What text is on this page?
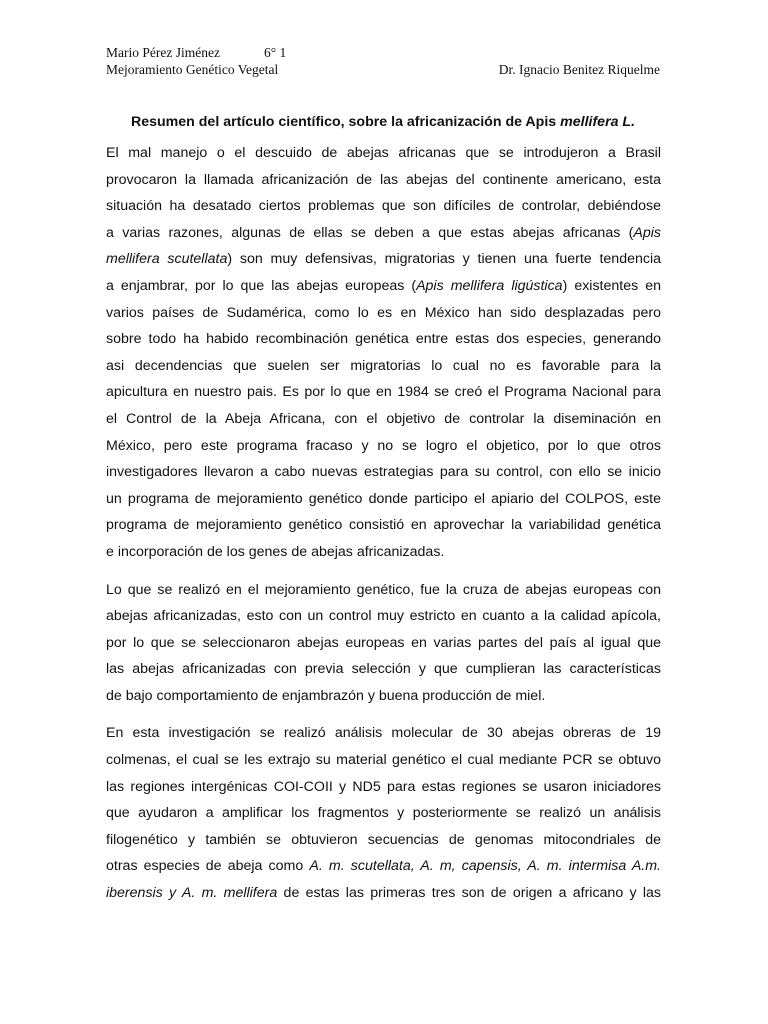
Mario Pérez Jiménez	6° 1
Mejoramiento Genético Vegetal	Dr. Ignacio Benitez Riquelme
Resumen del artículo científico, sobre la africanización de Apis mellifera L.
El mal manejo o el descuido de abejas africanas que se introdujeron a Brasil
provocaron la llamada africanización de las abejas del continente americano, esta
situación ha desatado ciertos problemas que son difíciles de controlar, debiéndose
a varias razones, algunas de ellas se deben a que estas abejas africanas (Apis
mellifera scutellata) son muy defensivas, migratorias y tienen una fuerte tendencia
a enjambrar, por lo que las abejas europeas (Apis mellifera ligústica) existentes en
varios países de Sudamérica, como lo es en México han sido desplazadas pero
sobre todo ha habido recombinación genética entre estas dos especies, generando
asi decendencias que suelen ser migratorias lo cual no es favorable para la
apicultura en nuestro pais. Es por lo que en 1984 se creó el Programa Nacional para
el Control de la Abeja Africana, con el objetivo de controlar la diseminación en
México, pero este programa fracaso y no se logro el objetico, por lo que otros
investigadores llevaron a cabo nuevas estrategias para su control, con ello se inicio
un programa de mejoramiento genético donde participo el apiario del COLPOS, este
programa de mejoramiento genético consistió en aprovechar la variabilidad genética
e incorporación de los genes de abejas africanizadas.
Lo que se realizó en el mejoramiento genético, fue la cruza de abejas europeas con
abejas africanizadas, esto con un control muy estricto en cuanto a la calidad apícola,
por lo que se seleccionaron abejas europeas en varias partes del país al igual que
las abejas africanizadas con previa selección y que cumplieran las características
de bajo comportamiento de enjambrazón y buena producción de miel.
En esta investigación se realizó análisis molecular de 30 abejas obreras de 19
colmenas, el cual se les extrajo su material genético el cual mediante PCR se obtuvo
las regiones intergénicas COI-COII y ND5 para estas regiones se usaron iniciadores
que ayudaron a amplificar los fragmentos y posteriormente se realizó un análisis
filogenético y también se obtuvieron secuencias de genomas mitocondriales de
otras especies de abeja como A. m. scutellata, A. m, capensis, A. m. intermisa A.m.
iberensis y A. m. mellifera de estas las primeras tres son de origen a africano y las
